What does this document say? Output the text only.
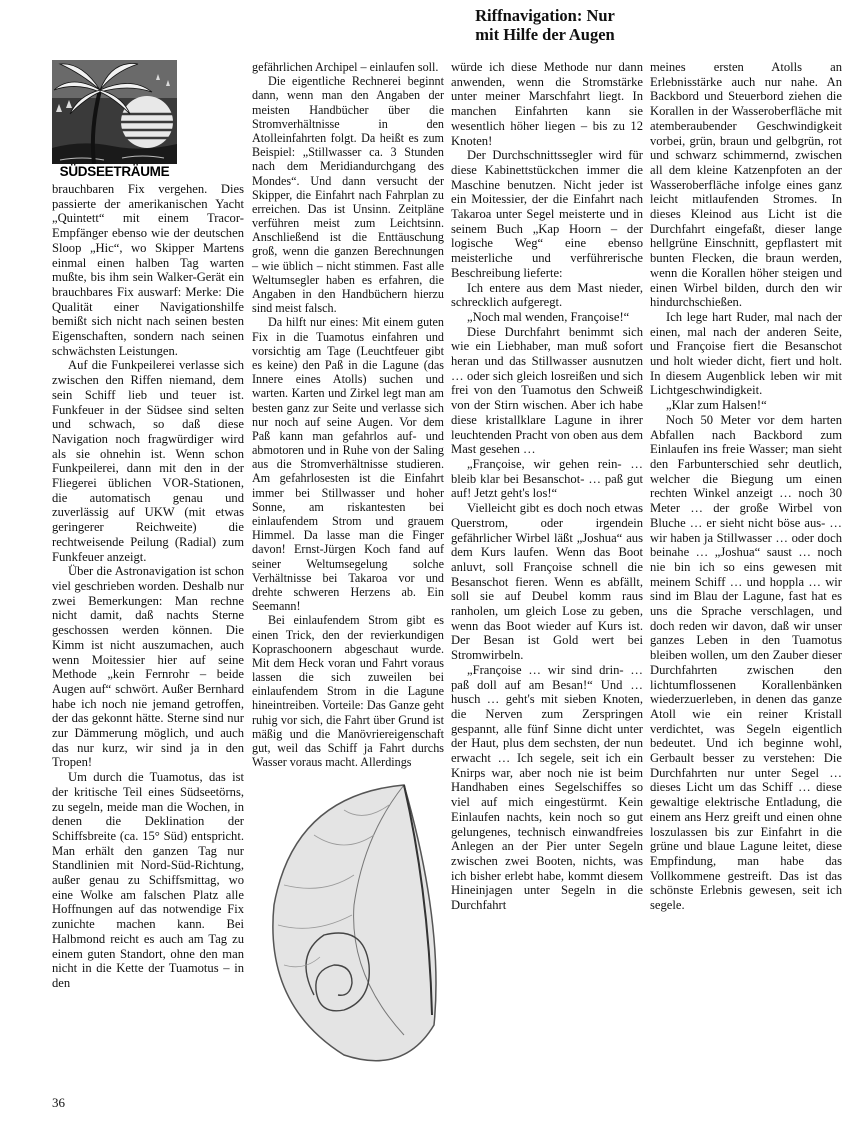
Riffnavigation: Nur
mit Hilfe der Augen
SÜDSEETRÄUME

brauchbaren Fix vergehen. Dies passierte der amerikanischen Yacht „Quintett“ mit einem Tracor-Empfänger ebenso wie der deutschen Sloop „Hic“, wo Skipper Martens einmal einen halben Tag warten mußte, bis ihm sein Walker-Gerät ein brauchbares Fix auswarf: Merke: Die Qualität einer Navigationshilfe bemißt sich nicht nach seinen besten Eigenschaften, sondern nach seinen schwächsten Leistungen.

Auf die Funkpeilerei verlasse sich zwischen den Riffen niemand, dem sein Schiff lieb und teuer ist. Funkfeuer in der Südsee sind selten und schwach, so daß diese Navigation noch fragwürdiger wird als sie ohnehin ist. Wenn schon Funkpeilerei, dann mit den in der Fliegerei üblichen VOR-Stationen, die automatisch genau und zuverlässig auf UKW (mit etwas geringerer Reichweite) die rechtweisende Peilung (Radial) zum Funkfeuer anzeigt.

Über die Astronavigation ist schon viel geschrieben worden. Deshalb nur zwei Bemerkungen: Man rechne nicht damit, daß nachts Sterne geschossen werden können. Die Kimm ist nicht auszumachen, auch wenn Moitessier hier auf seine Methode „kein Fernrohr – beide Augen auf“ schwört. Außer Bernhard habe ich noch nie jemand getroffen, der das gekonnt hätte. Sterne sind nur zur Dämmerung möglich, und auch das nur kurz, wir sind ja in den Tropen!

Um durch die Tuamotus, das ist der kritische Teil eines Südseetörns, zu segeln, meide man die Wochen, in denen die Deklination der Schiffsbreite (ca. 15° Süd) entspricht. Man erhält den ganzen Tag nur Standlinien mit Nord-Süd-Richtung, außer genau zu Schiffsmittag, wo eine Wolke am falschen Platz alle Hoffnungen auf das notwendige Fix zunichte machen kann. Bei Halbmond reicht es auch am Tag zu einem guten Standort, ohne den man nicht in die Kette der Tuamotus – in den

gefährlichen Archipel – einlaufen soll.

Die eigentliche Rechnerei beginnt dann, wenn man den Angaben der meisten Handbücher über die Stromverhältnisse in den Atolleinfahrten folgt. Da heißt es zum Beispiel: „Stillwasser ca. 3 Stunden nach dem Meridiandurchgang des Mondes“. Und dann versucht der Skipper, die Einfahrt nach Fahrplan zu erreichen. Das ist Unsinn. Zeitpläne verführen meist zum Leichtsinn. Anschließend ist die Enttäuschung groß, wenn die ganzen Berechnungen – wie üblich – nicht stimmen. Fast alle Weltumsegler haben es erfahren, die Angaben in den Handbüchern hierzu sind meist falsch.

Da hilft nur eines: Mit einem guten Fix in die Tuamotus einfahren und vorsichtig am Tage (Leuchtfeuer gibt es keine) den Paß in die Lagune (das Innere eines Atolls) suchen und warten. Karten und Zirkel legt man am besten ganz zur Seite und verlasse sich nur noch auf seine Augen. Vor dem Paß kann man gefahrlos auf- und abmotoren und in Ruhe von der Saling aus die Stromverhältnisse studieren. Am gefahrlosesten ist die Einfahrt immer bei Stillwasser und hoher Sonne, am riskantesten bei einlaufendem Strom und grauem Himmel. Da lasse man die Finger davon! Ernst-Jürgen Koch fand auf seiner Weltumsegelung solche Verhältnisse bei Takaroa vor und drehte schweren Herzens ab. Ein Seemann!

Bei einlaufendem Strom gibt es einen Trick, den der revierkundigen Kopraschoonern abgeschaut wurde. Mit dem Heck voran und Fahrt voraus lassen die sich zuweilen bei einlaufendem Strom in die Lagune hineintreiben. Vorteile: Das Ganze geht ruhig vor sich, die Fahrt über Grund ist mäßig und die Manövriereigenschaft gut, weil das Schiff ja Fahrt durchs Wasser voraus macht. Allerdings

würde ich diese Methode nur dann anwenden, wenn die Stromstärke unter meiner Marschfahrt liegt. In manchen Einfahrten kann sie wesentlich höher liegen – bis zu 12 Knoten!

Der Durchschnittssegler wird für diese Kabinettstückchen immer die Maschine benutzen. Nicht jeder ist ein Moitessier, der die Einfahrt nach Takaroa unter Segel meisterte und in seinem Buch „Kap Hoorn – der logische Weg“ eine ebenso meisterliche und verführerische Beschreibung lieferte:

Ich entere aus dem Mast nieder, schrecklich aufgeregt.

„Noch mal wenden, Françoise!“

Diese Durchfahrt benimmt sich wie ein Liebhaber, man muß sofort heran und das Stillwasser ausnutzen … oder sich gleich losreißen und sich frei von den Tuamotus den Schweiß von der Stirn wischen. Aber ich habe diese kristallklare Lagune in ihrer leuchtenden Pracht von oben aus dem Mast gesehen …

„Françoise, wir gehen rein- … bleib klar bei Besanschot- … paß gut auf! Jetzt geht's los!“

Vielleicht gibt es doch noch etwas Querstrom, oder irgendein gefährlicher Wirbel läßt „Joshua“ aus dem Kurs laufen. Wenn das Boot anluvt, soll Françoise schnell die Besanschot fieren. Wenn es abfällt, soll sie auf Deubel komm raus ranholen, um gleich Lose zu geben, wenn das Boot wieder auf Kurs ist. Der Besan ist Gold wert bei Stromwirbeln.

„Françoise … wir sind drin- … paß doll auf am Besan!“ Und … husch … geht's mit sieben Knoten, die Nerven zum Zerspringen gespannt, alle fünf Sinne dicht unter der Haut, plus dem sechsten, der nun erwacht … Ich segele, seit ich ein Knirps war, aber noch nie ist beim Handhaben eines Segelschiffes so viel auf mich eingestürmt. Kein Einlaufen nachts, kein noch so gut gelungenes, technisch einwandfreies Anlegen an der Pier unter Segeln zwischen zwei Booten, nichts, was ich bisher erlebt habe, kommt diesem Hineinjagen unter Segeln in die Durchfahrt

meines ersten Atolls an Erlebnisstärke auch nur nahe. An Backbord und Steuerbord ziehen die Korallen in der Wasseroberfläche mit atemberaubender Geschwindigkeit vorbei, grün, braun und gelbgrün, rot und schwarz schimmernd, zwischen all dem kleine Katzenpfoten an der Wasseroberfläche infolge eines ganz leicht mitlaufenden Stromes. In dieses Kleinod aus Licht ist die Durchfahrt eingefaßt, dieser lange hellgrüne Einschnitt, gepflastert mit bunten Flecken, die braun werden, wenn die Korallen höher steigen und einen Wirbel bilden, durch den wir hindurchschießen.

Ich lege hart Ruder, mal nach der einen, mal nach der anderen Seite, und Françoise fiert die Besanschot und holt wieder dicht, fiert und holt. In diesem Augenblick leben wir mit Lichtgeschwindigkeit.

„Klar zum Halsen!“

Noch 50 Meter vor dem harten Abfallen nach Backbord zum Einlaufen ins freie Wasser; man sieht den Farbunterschied sehr deutlich, welcher die Biegung um einen rechten Winkel anzeigt … noch 30 Meter … der große Wirbel von Bluche … er sieht nicht böse aus- … wir haben ja Stillwasser … oder doch beinahe … „Joshua“ saust … noch nie bin ich so eins gewesen mit meinem Schiff … und hoppla … wir sind im Blau der Lagune, fast hat es uns die Sprache verschlagen, und doch reden wir davon, daß wir unser ganzes Leben in den Tuamotus bleiben wollen, um den Zauber dieser Durchfahrten zwischen den lichtumflossenen Korallenbänken wiederzuerleben, in denen das ganze Atoll wie ein reiner Kristall verdichtet, was Segeln eigentlich bedeutet. Und ich beginne wohl, Gerbault besser zu verstehen: Die Durchfahrten nur unter Segel … dieses Licht um das Schiff … diese gewaltige elektrische Entladung, die einem ans Herz greift und einen ohne loszulassen bis zur Einfahrt in die grüne und blaue Lagune leitet, diese Empfindung, man habe das Vollkommene gestreift. Das ist das schönste Erlebnis gewesen, seit ich segele.

36
